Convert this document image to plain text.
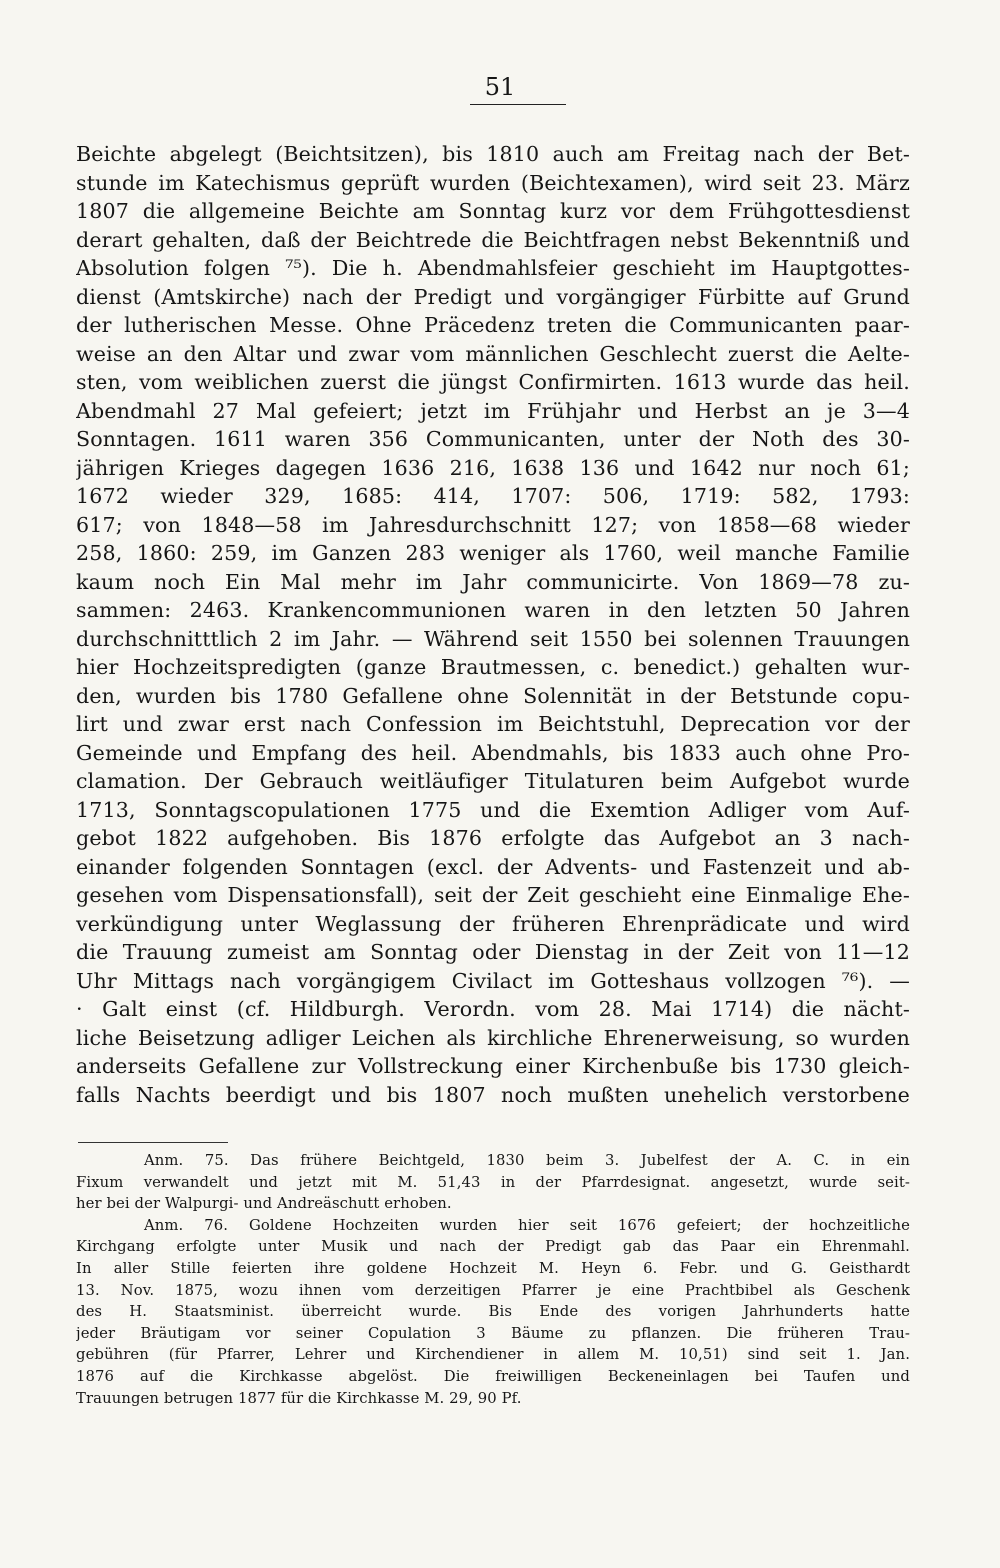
51
Beichte abgelegt (Beichtsitzen), bis 1810 auch am Freitag nach der Bet-
stunde im Katechismus geprüft wurden (Beichtexamen), wird seit 23. März
1807 die allgemeine Beichte am Sonntag kurz vor dem Frühgottesdienst
derart gehalten, daß der Beichtrede die Beichtfragen nebst Bekenntniß und
Absolution folgen ⁷⁵). Die h. Abendmahlsfeier geschieht im Hauptgottes-
dienst (Amtskirche) nach der Predigt und vorgängiger Fürbitte auf Grund
der lutherischen Messe. Ohne Präcedenz treten die Communicanten paar-
weise an den Altar und zwar vom männlichen Geschlecht zuerst die Aelte-
sten, vom weiblichen zuerst die jüngst Confirmirten. 1613 wurde das heil.
Abendmahl 27 Mal gefeiert; jetzt im Frühjahr und Herbst an je 3—4
Sonntagen. 1611 waren 356 Communicanten, unter der Noth des 30-
jährigen Krieges dagegen 1636 216, 1638 136 und 1642 nur noch 61;
1672 wieder 329, 1685: 414, 1707: 506, 1719: 582, 1793:
617; von 1848—58 im Jahresdurchschnitt 127; von 1858—68 wieder
258, 1860: 259, im Ganzen 283 weniger als 1760, weil manche Familie
kaum noch Ein Mal mehr im Jahr communicirte. Von 1869—78 zu-
sammen: 2463. Krankencommunionen waren in den letzten 50 Jahren
durchschnitttlich 2 im Jahr. — Während seit 1550 bei solennen Trauungen
hier Hochzeitspredigten (ganze Brautmessen, c. benedict.) gehalten wur-
den, wurden bis 1780 Gefallene ohne Solennität in der Betstunde copu-
lirt und zwar erst nach Confession im Beichtstuhl, Deprecation vor der
Gemeinde und Empfang des heil. Abendmahls, bis 1833 auch ohne Pro-
clamation. Der Gebrauch weitläufiger Titulaturen beim Aufgebot wurde
1713, Sonntagscopulationen 1775 und die Exemtion Adliger vom Auf-
gebot 1822 aufgehoben. Bis 1876 erfolgte das Aufgebot an 3 nach-
einander folgenden Sonntagen (excl. der Advents- und Fastenzeit und ab-
gesehen vom Dispensationsfall), seit der Zeit geschieht eine Einmalige Ehe-
verkündigung unter Weglassung der früheren Ehrenprädicate und wird
die Trauung zumeist am Sonntag oder Dienstag in der Zeit von 11—12
Uhr Mittags nach vorgängigem Civilact im Gotteshaus vollzogen ⁷⁶). —
· Galt einst (cf. Hildburgh. Verordn. vom 28. Mai 1714) die nächt-
liche Beisetzung adliger Leichen als kirchliche Ehrenerweisung, so wurden
anderseits Gefallene zur Vollstreckung einer Kirchenbuße bis 1730 gleich-
falls Nachts beerdigt und bis 1807 noch mußten unehelich verstorbene
Anm. 75. Das frühere Beichtgeld, 1830 beim 3. Jubelfest der A. C. in ein
Fixum verwandelt und jetzt mit M. 51,43 in der Pfarrdesignat. angesetzt, wurde seit-
her bei der Walpurgi- und Andreäschutt erhoben.
Anm. 76. Goldene Hochzeiten wurden hier seit 1676 gefeiert; der hochzeitliche
Kirchgang erfolgte unter Musik und nach der Predigt gab das Paar ein Ehrenmahl.
In aller Stille feierten ihre goldene Hochzeit M. Heyn 6. Febr. und G. Geisthardt
13. Nov. 1875, wozu ihnen vom derzeitigen Pfarrer je eine Prachtbibel als Geschenk
des H. Staatsminist. überreicht wurde. Bis Ende des vorigen Jahrhunderts hatte
jeder Bräutigam vor seiner Copulation 3 Bäume zu pflanzen. Die früheren Trau-
gebühren (für Pfarrer, Lehrer und Kirchendiener in allem M. 10,51) sind seit 1. Jan.
1876 auf die Kirchkasse abgelöst. Die freiwilligen Beckeneinlagen bei Taufen und
Trauungen betrugen 1877 für die Kirchkasse M. 29, 90 Pf.
